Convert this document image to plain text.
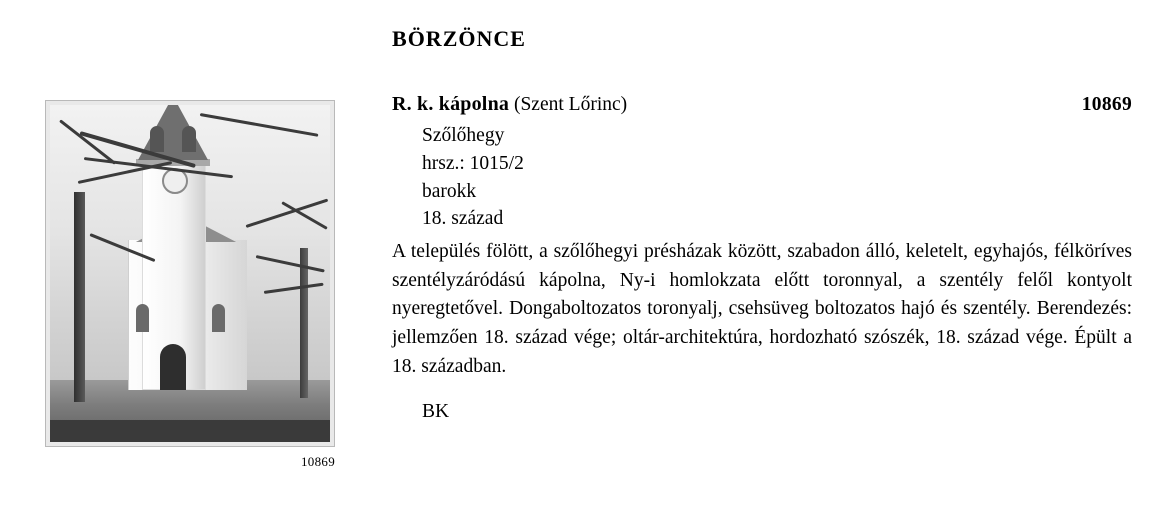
10869
börzönce
R. k. kápolna (Szent Lőrinc)	10869
Szőlőhegy
hrsz.: 1015/2
barokk
18. század

A település fölött, a szőlőhegyi présházak között, szabadon álló, keletelt, egyhajós, félköríves szentélyzáródású kápolna, Ny-i homlokzata előtt toronnyal, a szentély felől kontyolt nyeregtetővel. Dongaboltozatos toronyalj, csehsüveg boltozatos hajó és szentély. Berendezés: jellemzően 18. század vége; oltár-architektúra, hordozható szószék, 18. század vége. Épült a 18. században.

BK
